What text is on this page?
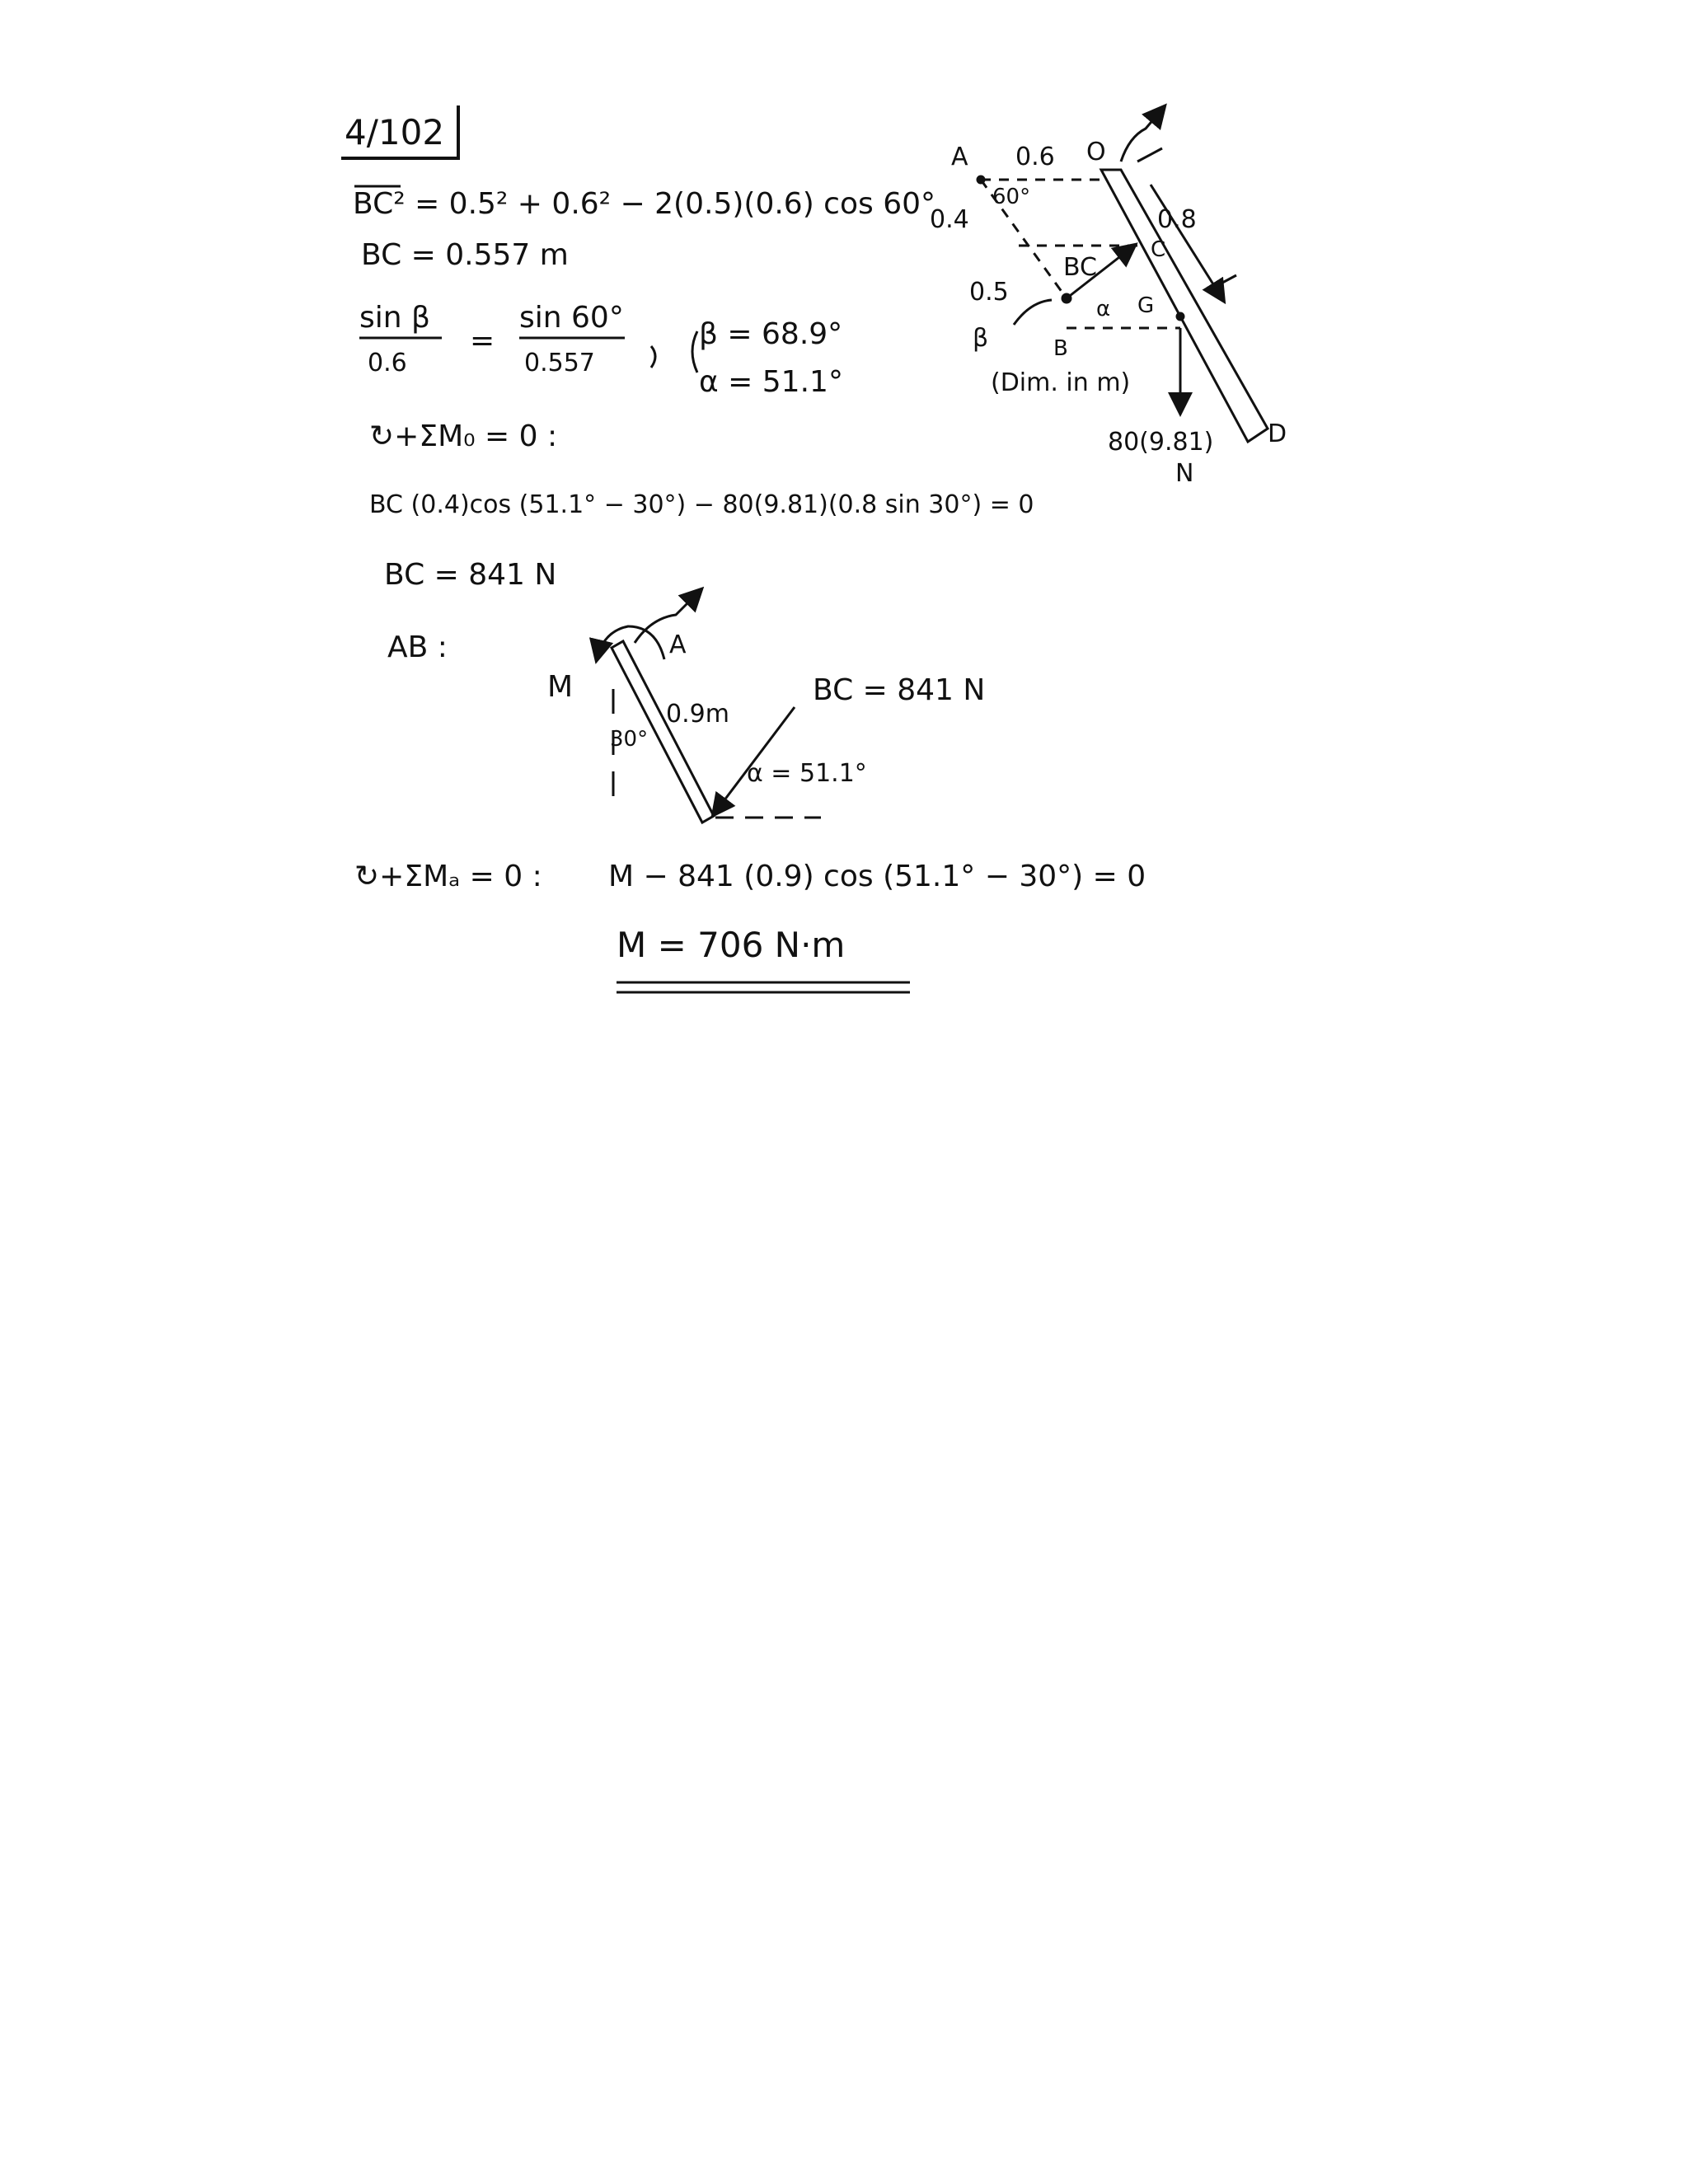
4/102
BC² = 0.5² + 0.6² − 2(0.5)(0.6) cos 60°
BC = 0.557 m
sin β
0.6
=
sin 60°
0.557
β = 68.9°
α = 51.1°
↻+ΣM₀ = 0 :
BC (0.4)cos (51.1° − 30°) − 80(9.81)(0.8 sin 30°) = 0
BC = 841 N
AB :
↻+ΣMₐ = 0 : M − 841 (0.9) cos (51.1° − 30°) = 0
M = 706 N·m
A 0.6 O
60°
0.4	0.8
BC
C
0.5
α G
β	B
(Dim. in m)
80(9.81)
N
D
A
M
0.9m
30°
BC = 841 N
α = 51.1°
